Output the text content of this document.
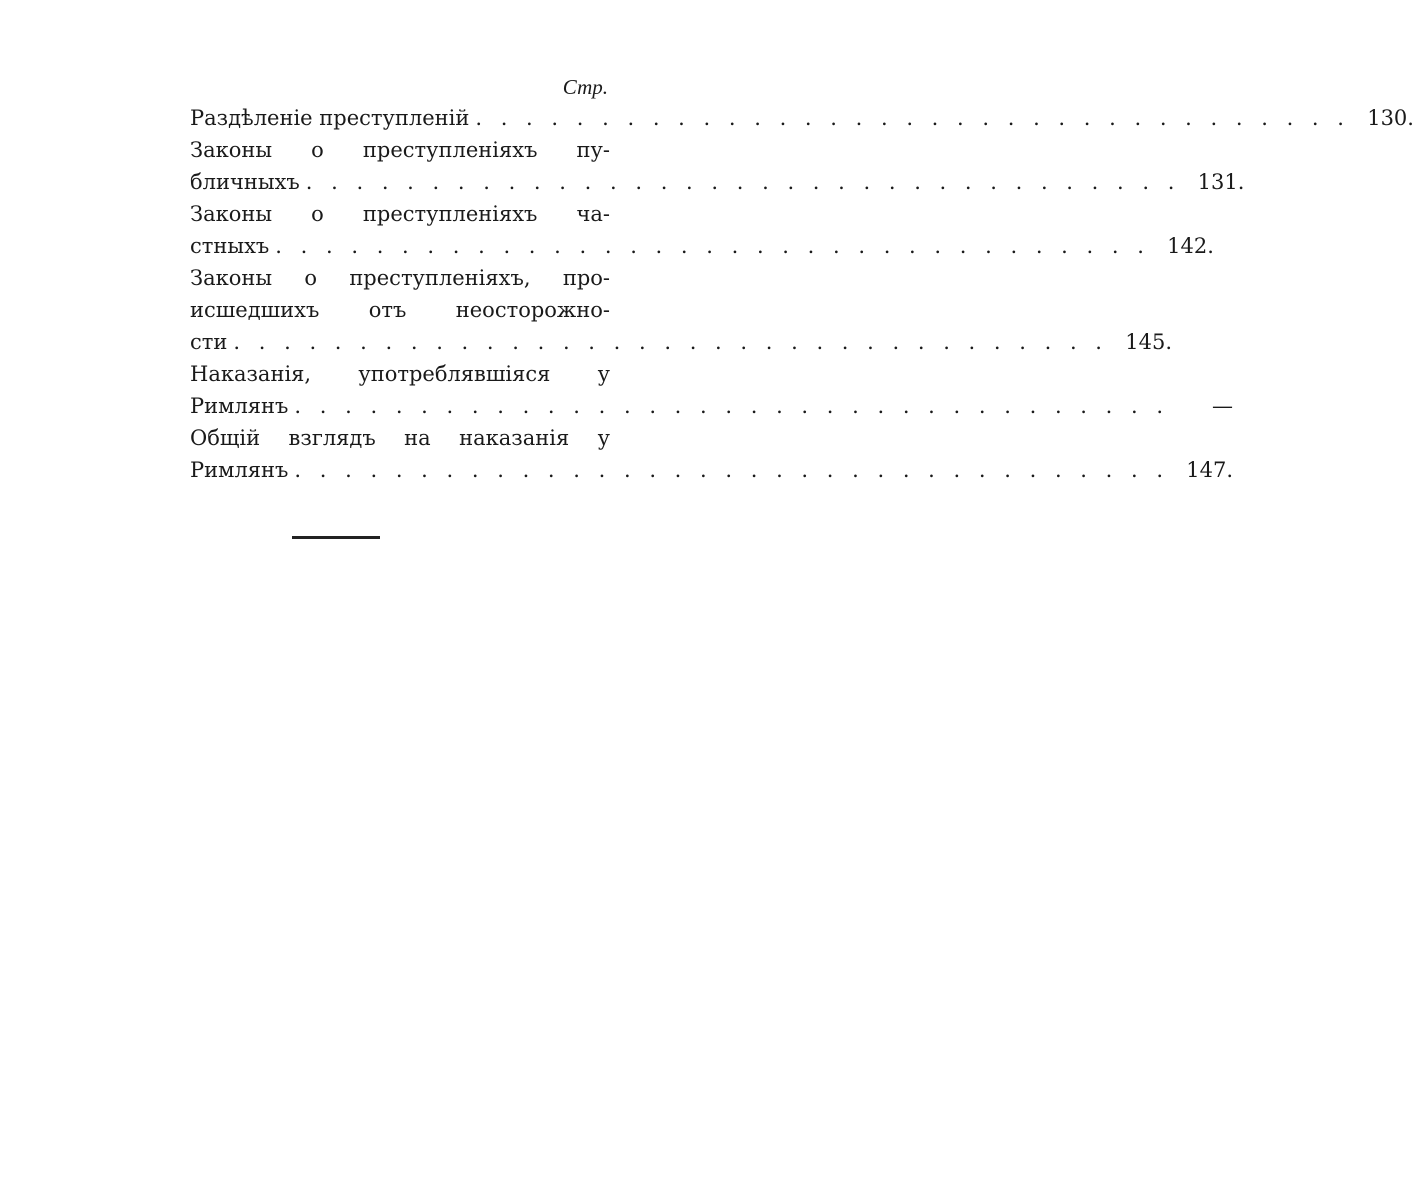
Стр.
Раздѣленіе преступленій . . . . . . . . . . . . . . . . . . . . . . . . . . . . . . . . . . . 130.
Законы о преступленіяхъ пу-
бличныхъ . . . . . . . . . . . . . . . . . . . . . . . . . . . . . . . . . . . 131.
Законы о преступленіяхъ ча-
стныхъ . . . . . . . . . . . . . . . . . . . . . . . . . . . . . . . . . . . 142.
Законы о преступленіяхъ, про-
исшедшихъ отъ неосторожно-
сти . . . . . . . . . . . . . . . . . . . . . . . . . . . . . . . . . . . 145.
Наказанія, употреблявшіяся у
Римлянъ . . . . . . . . . . . . . . . . . . . . . . . . . . . . . . . . . . .	—
Общій взглядъ на наказанія у
Римлянъ . . . . . . . . . . . . . . . . . . . . . . . . . . . . . . . . . . . 147.
